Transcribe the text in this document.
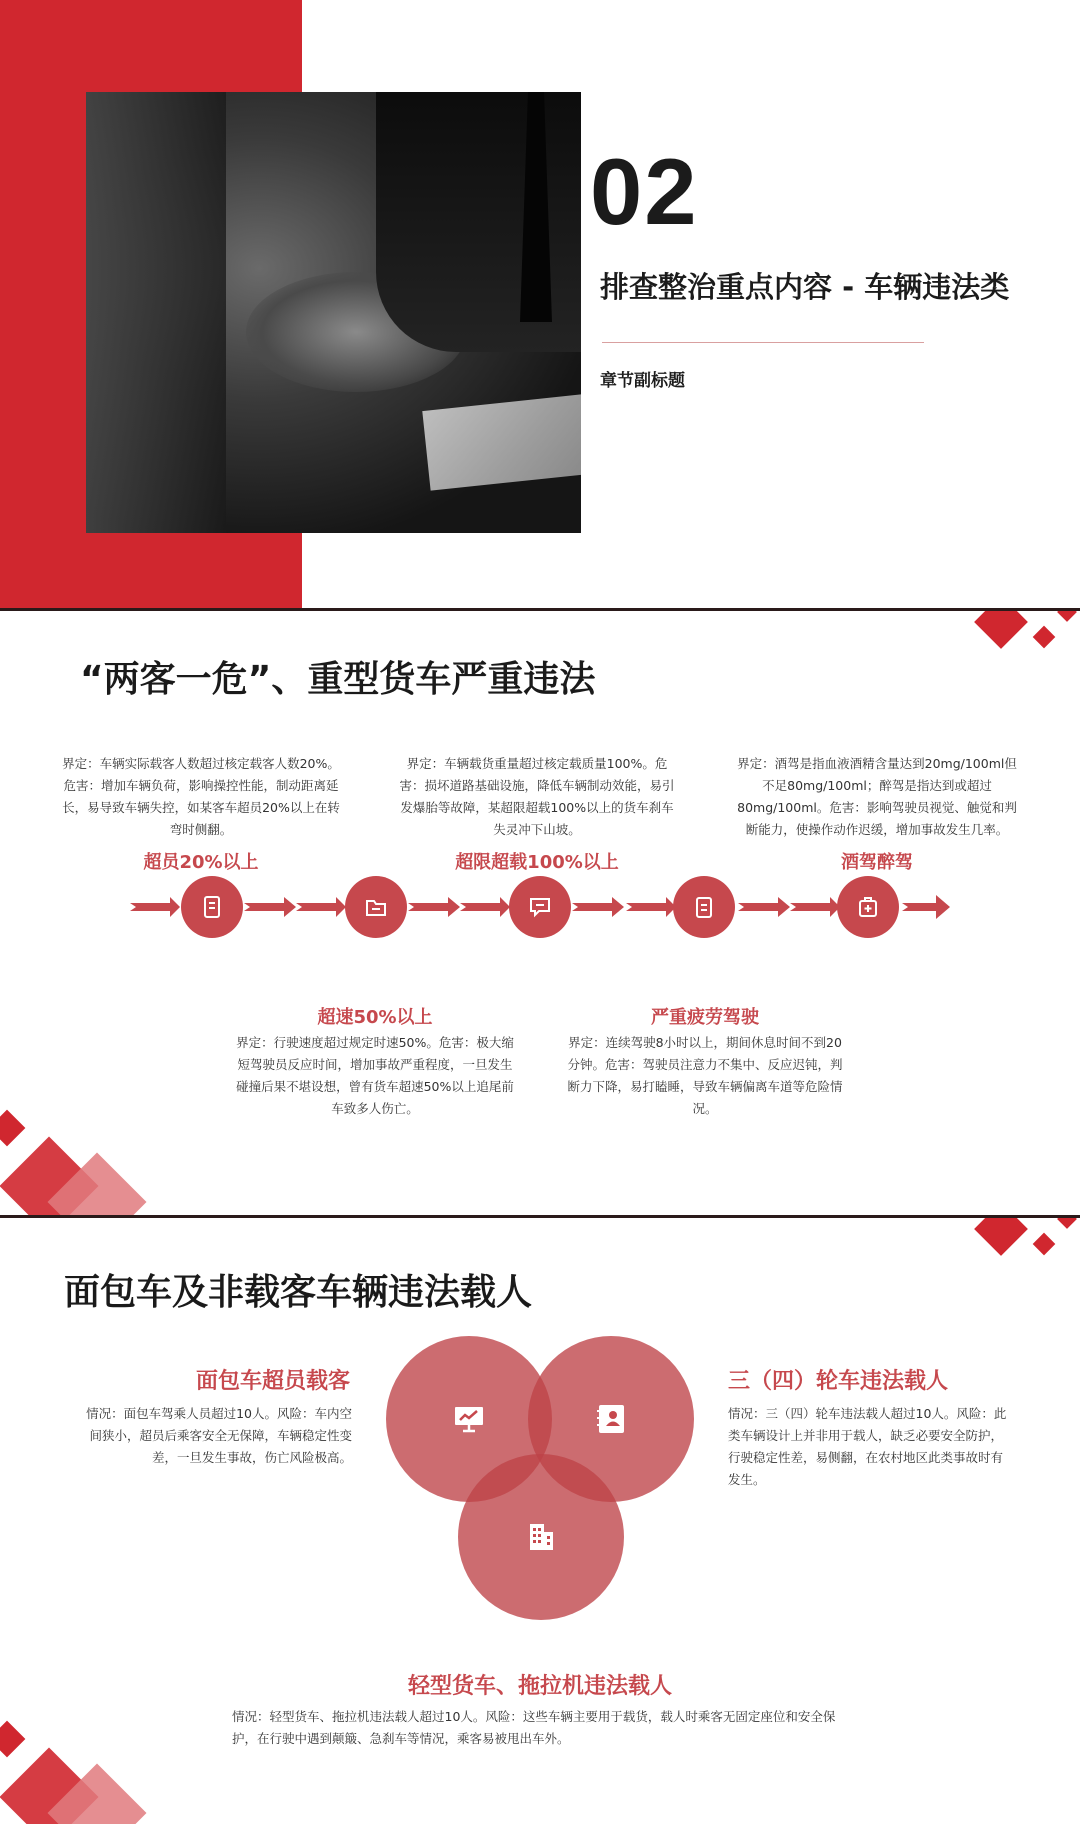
02
排查整治重点内容 - 车辆违法类
章节副标题
“两客一危”、重型货车严重违法
界定：车辆实际载客人数超过核定载客人数20%。危害：增加车辆负荷，影响操控性能，制动距离延长，易导致车辆失控，如某客车超员20%以上在转弯时侧翻。
界定：车辆载货重量超过核定载质量100%。危害：损坏道路基础设施，降低车辆制动效能，易引发爆胎等故障，某超限超载100%以上的货车刹车失灵冲下山坡。
界定：酒驾是指血液酒精含量达到20mg/100ml但不足80mg/100ml；醉驾是指达到或超过80mg/100ml。危害：影响驾驶员视觉、触觉和判断能力，使操作动作迟缓，增加事故发生几率。
超员20%以上	超限超载100%以上	酒驾醉驾
超速50%以上	严重疲劳驾驶
界定：行驶速度超过规定时速50%。危害：极大缩短驾驶员反应时间，增加事故严重程度，一旦发生碰撞后果不堪设想，曾有货车超速50%以上追尾前车致多人伤亡。
界定：连续驾驶8小时以上，期间休息时间不到20分钟。危害：驾驶员注意力不集中、反应迟钝，判断力下降，易打瞌睡，导致车辆偏离车道等危险情况。
面包车及非载客车辆违法载人
面包车超员载客
情况：面包车驾乘人员超过10人。风险：车内空间狭小，超员后乘客安全无保障，车辆稳定性变差，一旦发生事故，伤亡风险极高。
三（四）轮车违法载人
情况：三（四）轮车违法载人超过10人。风险：此类车辆设计上并非用于载人，缺乏必要安全防护，行驶稳定性差，易侧翻，在农村地区此类事故时有发生。
轻型货车、拖拉机违法载人
情况：轻型货车、拖拉机违法载人超过10人。风险：这些车辆主要用于载货，载人时乘客无固定座位和安全保护，在行驶中遇到颠簸、急刹车等情况，乘客易被甩出车外。
